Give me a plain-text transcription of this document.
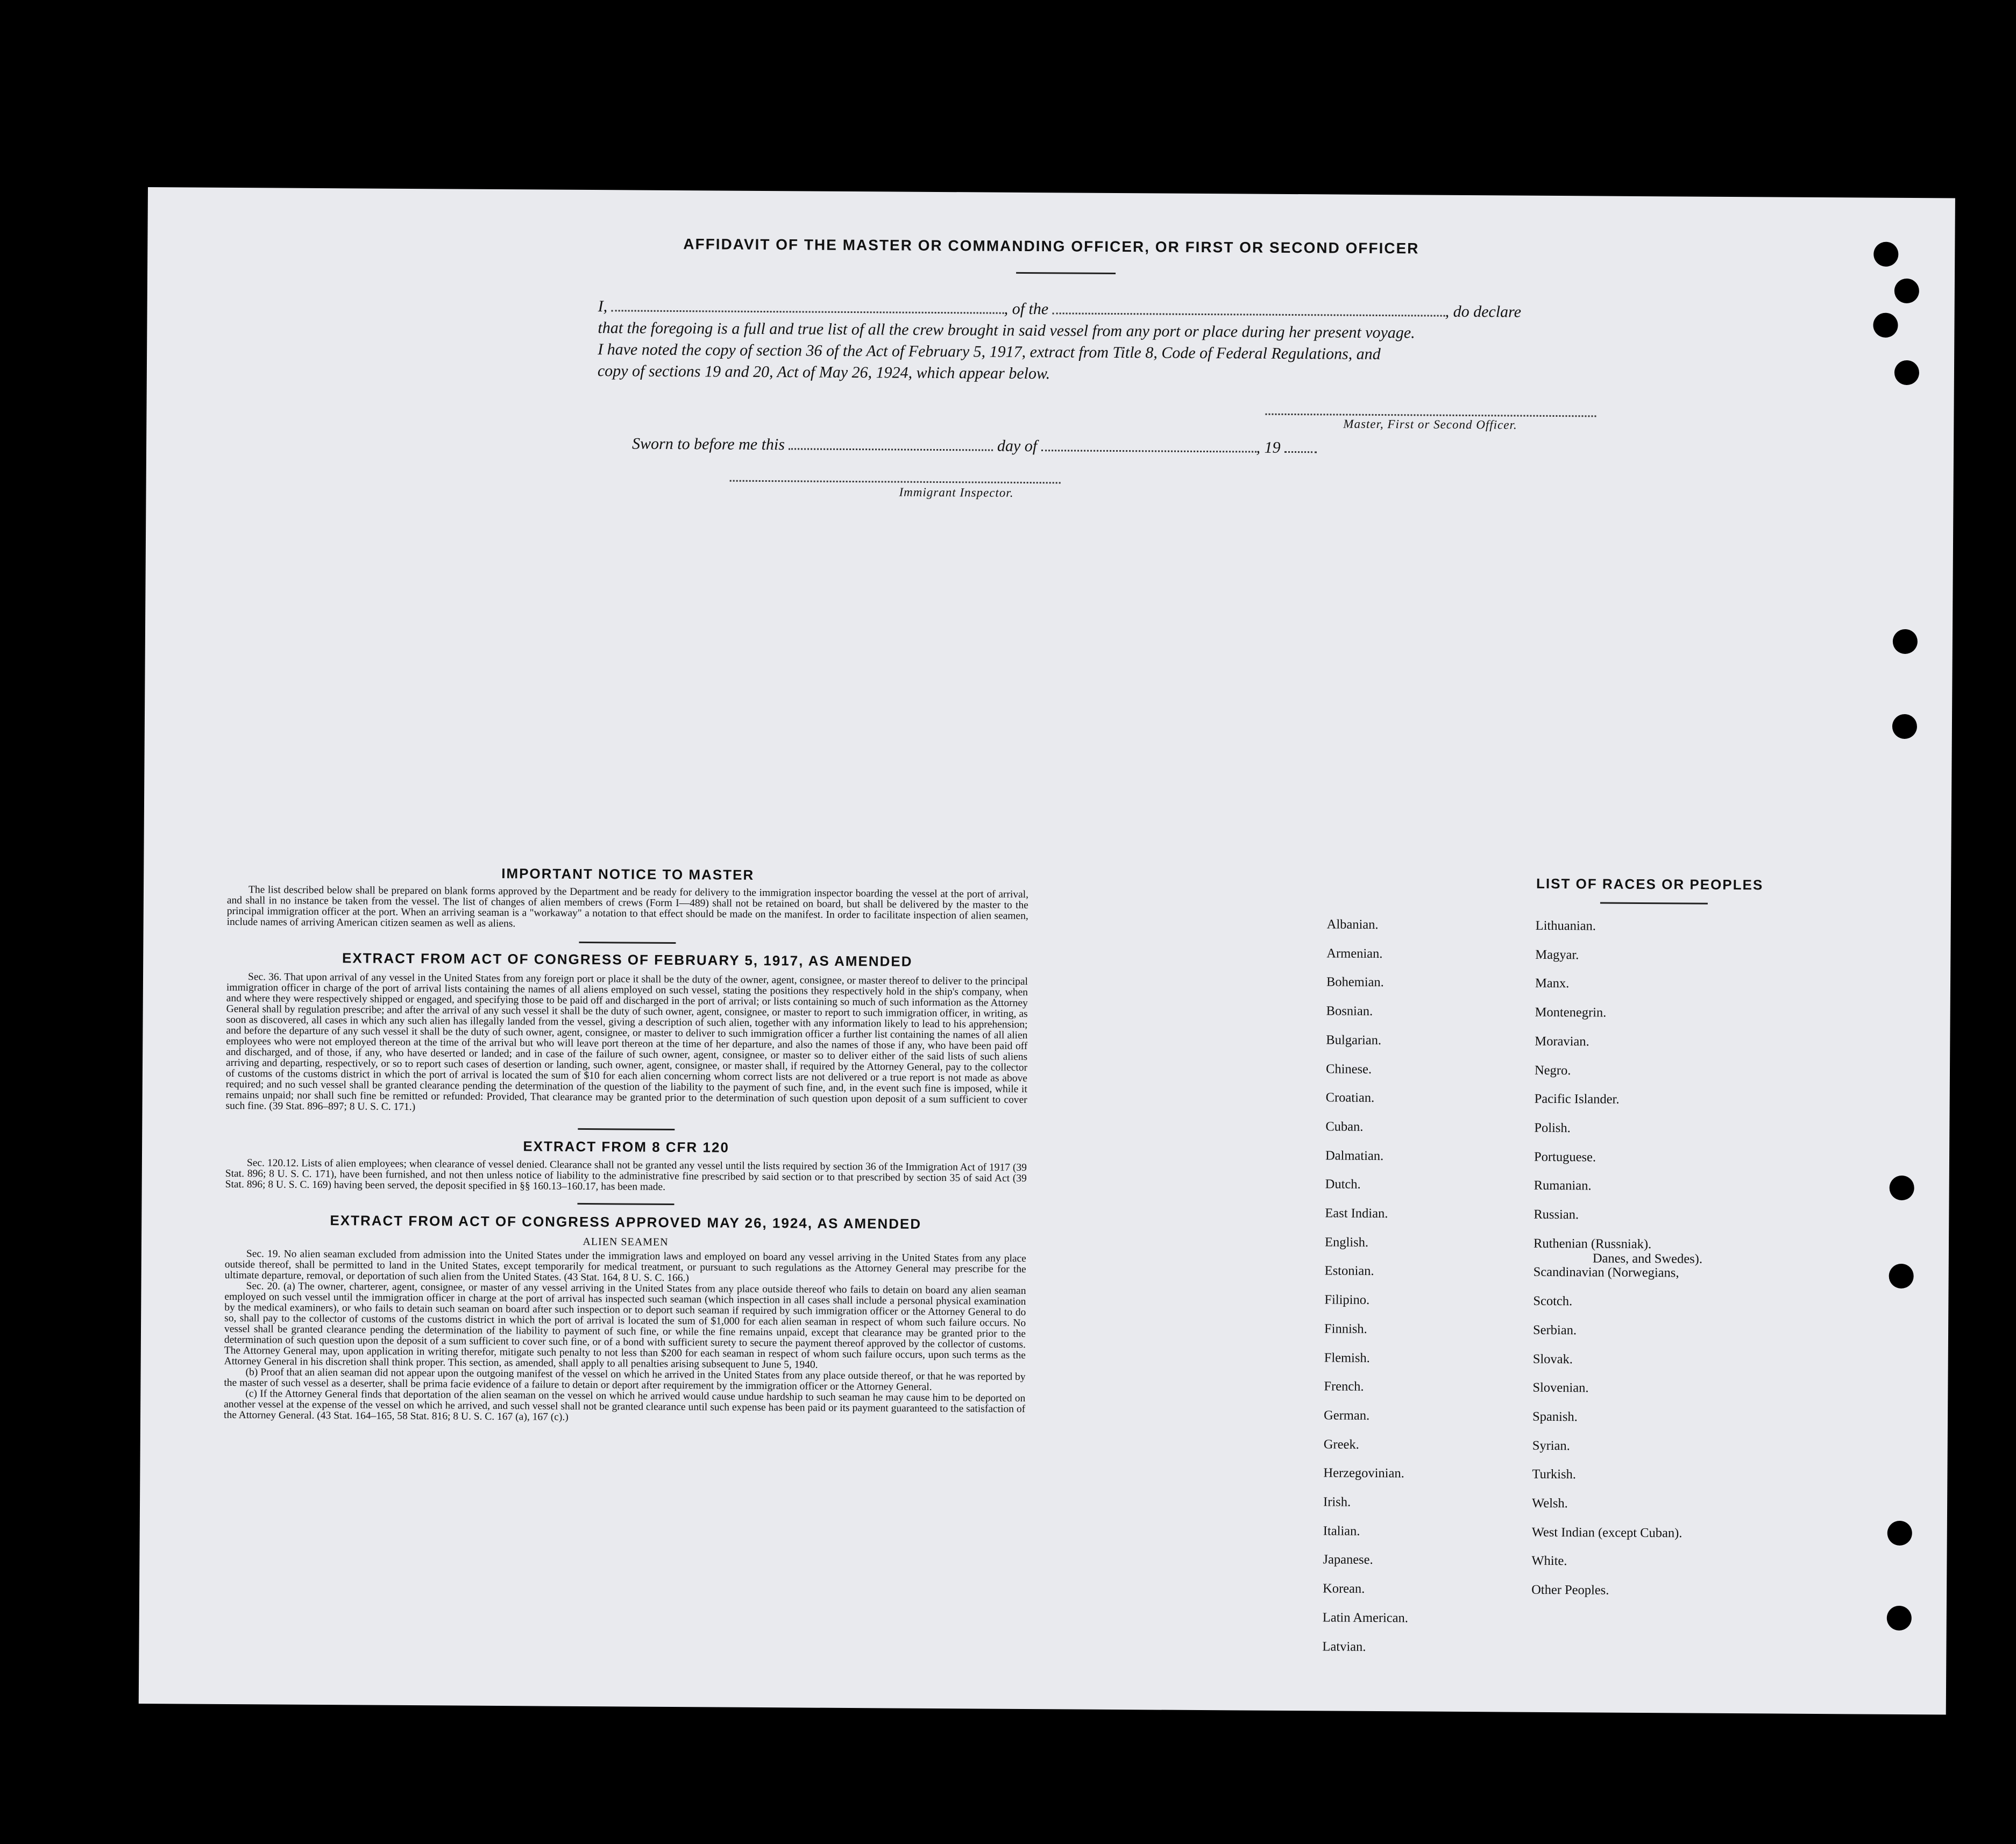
AFFIDAVIT OF THE MASTER OR COMMANDING OFFICER, OR FIRST OR SECOND OFFICER
I,	, of the	, do declare
that the foregoing is a full and true list of all the crew brought in said vessel from any port or place during her present voyage.
I have noted the copy of section 36 of the Act of February 5, 1917, extract from Title 8, Code of Federal Regulations, and
copy of sections 19 and 20, Act of May 26, 1924, which appear below.
Master, First or Second Officer.
Sworn to before me this	day of	, 19
Immigrant Inspector.
IMPORTANT NOTICE TO MASTER

The list described below shall be prepared on blank forms approved by the Department and be ready for delivery to the immigration inspector boarding the vessel at the port of arrival, and shall in no instance be taken from the vessel. The list of changes of alien members of crews (Form I—489) shall not be retained on board, but shall be delivered by the master to the principal immigration officer at the port. When an arriving seaman is a "workaway" a notation to that effect should be made on the manifest. In order to facilitate inspection of alien seamen, include names of arriving American citizen seamen as well as aliens.

EXTRACT FROM ACT OF CONGRESS OF FEBRUARY 5, 1917, AS AMENDED

Sec. 36. That upon arrival of any vessel in the United States from any foreign port or place it shall be the duty of the owner, agent, consignee, or master thereof to deliver to the principal immigration officer in charge of the port of arrival lists containing the names of all aliens employed on such vessel, stating the positions they respectively hold in the ship's company, when and where they were respectively shipped or engaged, and specifying those to be paid off and discharged in the port of arrival; or lists containing so much of such information as the Attorney General shall by regulation prescribe; and after the arrival of any such vessel it shall be the duty of such owner, agent, consignee, or master to report to such immigration officer, in writing, as soon as discovered, all cases in which any such alien has illegally landed from the vessel, giving a description of such alien, together with any information likely to lead to his apprehension; and before the departure of any such vessel it shall be the duty of such owner, agent, consignee, or master to deliver to such immigration officer a further list containing the names of all alien employees who were not employed thereon at the time of the arrival but who will leave port thereon at the time of her departure, and also the names of those if any, who have been paid off and discharged, and of those, if any, who have deserted or landed; and in case of the failure of such owner, agent, consignee, or master so to deliver either of the said lists of such aliens arriving and departing, respectively, or so to report such cases of desertion or landing, such owner, agent, consignee, or master shall, if required by the Attorney General, pay to the collector of customs of the customs district in which the port of arrival is located the sum of $10 for each alien concerning whom correct lists are not delivered or a true report is not made as above required; and no such vessel shall be granted clearance pending the determination of the question of the liability to the payment of such fine, and, in the event such fine is imposed, while it remains unpaid; nor shall such fine be remitted or refunded: Provided, That clearance may be granted prior to the determination of such question upon deposit of a sum sufficient to cover such fine. (39 Stat. 896–897; 8 U. S. C. 171.)

EXTRACT FROM 8 CFR 120

Sec. 120.12. Lists of alien employees; when clearance of vessel denied. Clearance shall not be granted any vessel until the lists required by section 36 of the Immigration Act of 1917 (39 Stat. 896; 8 U. S. C. 171), have been furnished, and not then unless notice of liability to the administrative fine prescribed by said section or to that prescribed by section 35 of said Act (39 Stat. 896; 8 U. S. C. 169) having been served, the deposit specified in §§ 160.13–160.17, has been made.

EXTRACT FROM ACT OF CONGRESS APPROVED MAY 26, 1924, AS AMENDED
ALIEN SEAMEN

Sec. 19. No alien seaman excluded from admission into the United States under the immigration laws and employed on board any vessel arriving in the United States from any place outside thereof, shall be permitted to land in the United States, except temporarily for medical treatment, or pursuant to such regulations as the Attorney General may prescribe for the ultimate departure, removal, or deportation of such alien from the United States. (43 Stat. 164, 8 U. S. C. 166.)

Sec. 20. (a) The owner, charterer, agent, consignee, or master of any vessel arriving in the United States from any place outside thereof who fails to detain on board any alien seaman employed on such vessel until the immigration officer in charge at the port of arrival has inspected such seaman (which inspection in all cases shall include a personal physical examination by the medical examiners), or who fails to detain such seaman on board after such inspection or to deport such seaman if required by such immigration officer or the Attorney General to do so, shall pay to the collector of customs of the customs district in which the port of arrival is located the sum of $1,000 for each alien seaman in respect of whom such failure occurs. No vessel shall be granted clearance pending the determination of the liability to payment of such fine, or while the fine remains unpaid, except that clearance may be granted prior to the determination of such question upon the deposit of a sum sufficient to cover such fine, or of a bond with sufficient surety to secure the payment thereof approved by the collector of customs. The Attorney General may, upon application in writing therefor, mitigate such penalty to not less than $200 for each seaman in respect of whom such failure occurs, upon such terms as the Attorney General in his discretion shall think proper. This section, as amended, shall apply to all penalties arising subsequent to June 5, 1940.

(b) Proof that an alien seaman did not appear upon the outgoing manifest of the vessel on which he arrived in the United States from any place outside thereof, or that he was reported by the master of such vessel as a deserter, shall be prima facie evidence of a failure to detain or deport after requirement by the immigration officer or the Attorney General.

(c) If the Attorney General finds that deportation of the alien seaman on the vessel on which he arrived would cause undue hardship to such seaman he may cause him to be deported on another vessel at the expense of the vessel on which he arrived, and such vessel shall not be granted clearance until such expense has been paid or its payment guaranteed to the satisfaction of the Attorney General. (43 Stat. 164–165, 58 Stat. 816; 8 U. S. C. 167 (a), 167 (c).)

LIST OF RACES OR PEOPLES
Albanian.
Armenian.
Bohemian.
Bosnian.
Bulgarian.
Chinese.
Croatian.
Cuban.
Dalmatian.
Dutch.
East Indian.
English.
Estonian.
Filipino.
Finnish.
Flemish.
French.
German.
Greek.
Herzegovinian.
Irish.
Italian.
Japanese.
Korean.
Latin American.
Latvian.
Lithuanian.
Magyar.
Manx.
Montenegrin.
Moravian.
Negro.
Pacific Islander.
Polish.
Portuguese.
Rumanian.
Russian.
Ruthenian (Russniak).
Scandinavian (Norwegians,
Danes, and Swedes).
Scotch.
Serbian.
Slovak.
Slovenian.
Spanish.
Syrian.
Turkish.
Welsh.
West Indian (except Cuban).
White.
Other Peoples.
